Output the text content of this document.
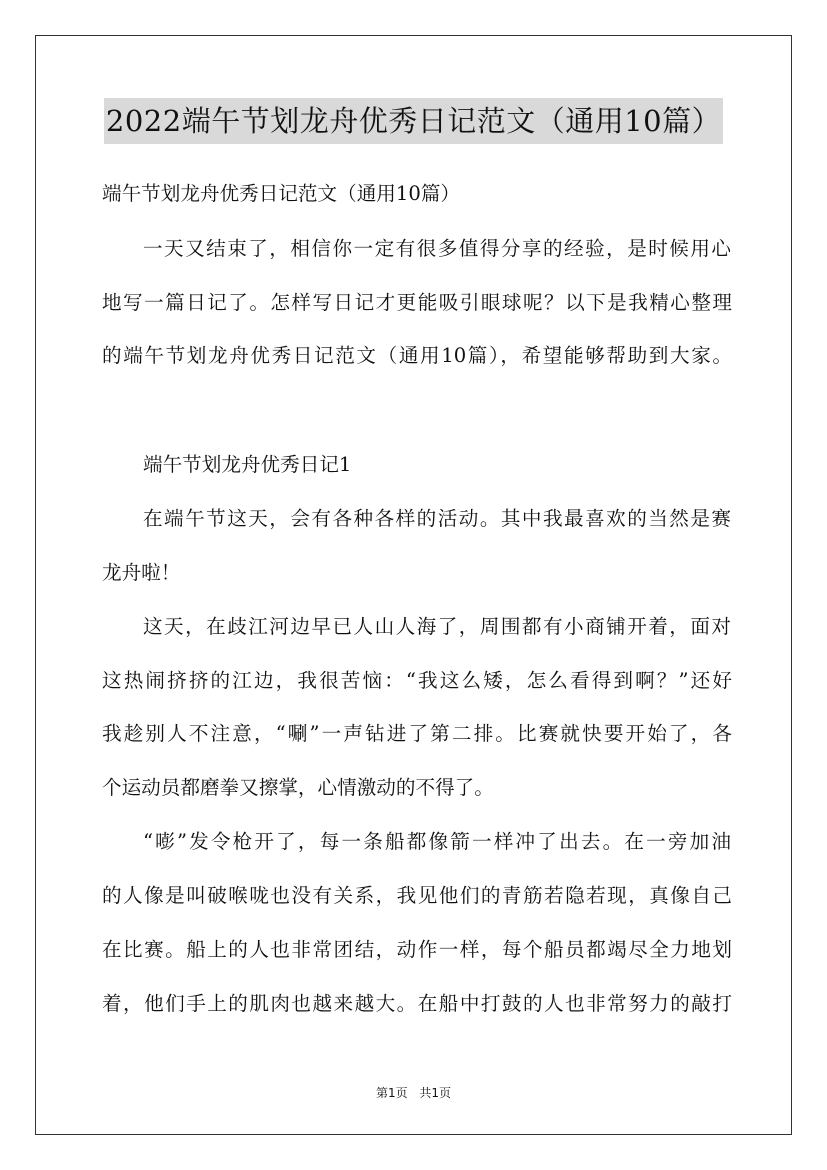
2022端午节划龙舟优秀日记范文（通用10篇）
端午节划龙舟优秀日记范文（通用10篇）
一天又结束了，相信你一定有很多值得分享的经验，是时候用心
地写一篇日记了。怎样写日记才更能吸引眼球呢？以下是我精心整理
的端午节划龙舟优秀日记范文（通用10篇），希望能够帮助到大家。
端午节划龙舟优秀日记1
在端午节这天，会有各种各样的活动。其中我最喜欢的当然是赛
龙舟啦！
这天，在歧江河边早已人山人海了，周围都有小商铺开着，面对
这热闹挤挤的江边，我很苦恼：“我这么矮，怎么看得到啊？”还好
我趁别人不注意，“唰”一声钻进了第二排。比赛就快要开始了，各
个运动员都磨拳又擦掌，心情激动的不得了。
“嘭”发令枪开了，每一条船都像箭一样冲了出去。在一旁加油
的人像是叫破喉咙也没有关系，我见他们的青筋若隐若现，真像自己
在比赛。船上的人也非常团结，动作一样，每个船员都竭尽全力地划
着，他们手上的肌肉也越来越大。在船中打鼓的人也非常努力的敲打
第1页 共1页
